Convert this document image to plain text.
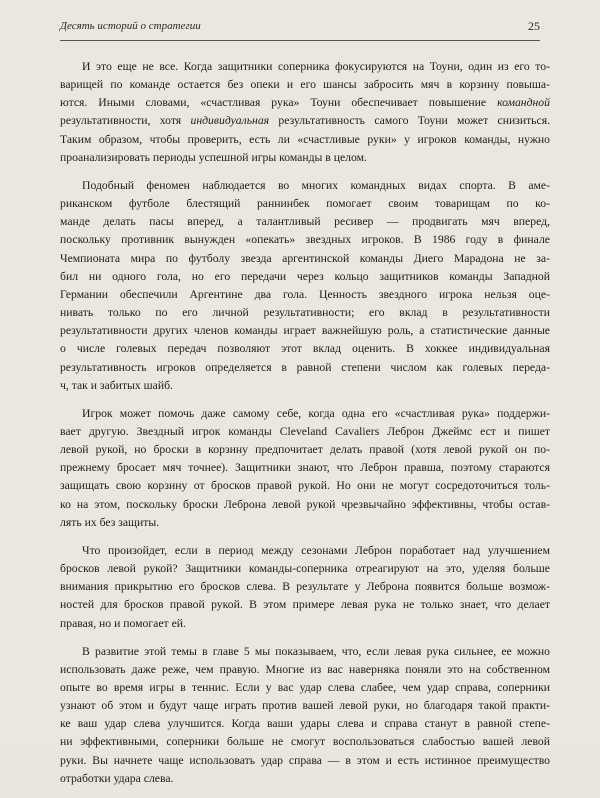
Десять историй о стратегии	25
И это еще не все. Когда защитники соперника фокусируются на Тоуни, один из его то-
варищей по команде остается без опеки и его шансы забросить мяч в корзину повыша-
ются. Иными словами, «счастливая рука» Тоуни обеспечивает повышение командной
результативности, хотя индивидуальная результативность самого Тоуни может снизиться.
Таким образом, чтобы проверить, есть ли «счастливые руки» у игроков команды, нужно
проанализировать периоды успешной игры команды в целом.
Подобный феномен наблюдается во многих командных видах спорта. В аме-
риканском футболе блестящий раннинбек помогает своим товарищам по ко-
манде делать пасы вперед, а талантливый ресивер — продвигать мяч вперед,
поскольку противник вынужден «опекать» звездных игроков. В 1986 году в финале
Чемпионата мира по футболу звезда аргентинской команды Диего Марадона не за-
бил ни одного гола, но его передачи через кольцо защитников команды Западной
Германии обеспечили Аргентине два гола. Ценность звездного игрока нельзя оце-
нивать только по его личной результативности; его вклад в результативности
результативности других членов команды играет важнейшую роль, а статистические данные
о числе голевых передач позволяют этот вклад оценить. В хоккее индивидуальная
результативность игроков определяется в равной степени числом как голевых переда-
ч, так и забитых шайб.
Игрок может помочь даже самому себе, когда одна его «счастливая рука» поддержи-
вает другую. Звездный игрок команды Cleveland Cavaliers Леброн Джеймс ест и пишет
левой рукой, но броски в корзину предпочитает делать правой (хотя левой рукой он по-
прежнему бросает мяч точнее). Защитники знают, что Леброн правша, поэтому стараются
защищать свою корзину от бросков правой рукой. Но они не могут сосредоточиться толь-
ко на этом, поскольку броски Леброна левой рукой чрезвычайно эффективны, чтобы остав-
лять их без защиты.
Что произойдет, если в период между сезонами Леброн поработает над улучшением
бросков левой рукой? Защитники команды-соперника отреагируют на это, уделяя больше
внимания прикрытию его бросков слева. В результате у Леброна появится больше возмож-
ностей для бросков правой рукой. В этом примере левая рука не только знает, что делает
правая, но и помогает ей.
В развитие этой темы в главе 5 мы показываем, что, если левая рука сильнее, ее можно
использовать даже реже, чем правую. Многие из вас наверняка поняли это на собственном
опыте во время игры в теннис. Если у вас удар слева слабее, чем удар справа, соперники
узнают об этом и будут чаще играть против вашей левой руки, но благодаря такой практи-
ке ваш удар слева улучшится. Когда ваши удары слева и справа станут в равной степе-
ни эффективными, соперники больше не смогут воспользоваться слабостью вашей левой
руки. Вы начнете чаще использовать удар справа — в этом и есть истинное преимущество
отработки удара слева.
